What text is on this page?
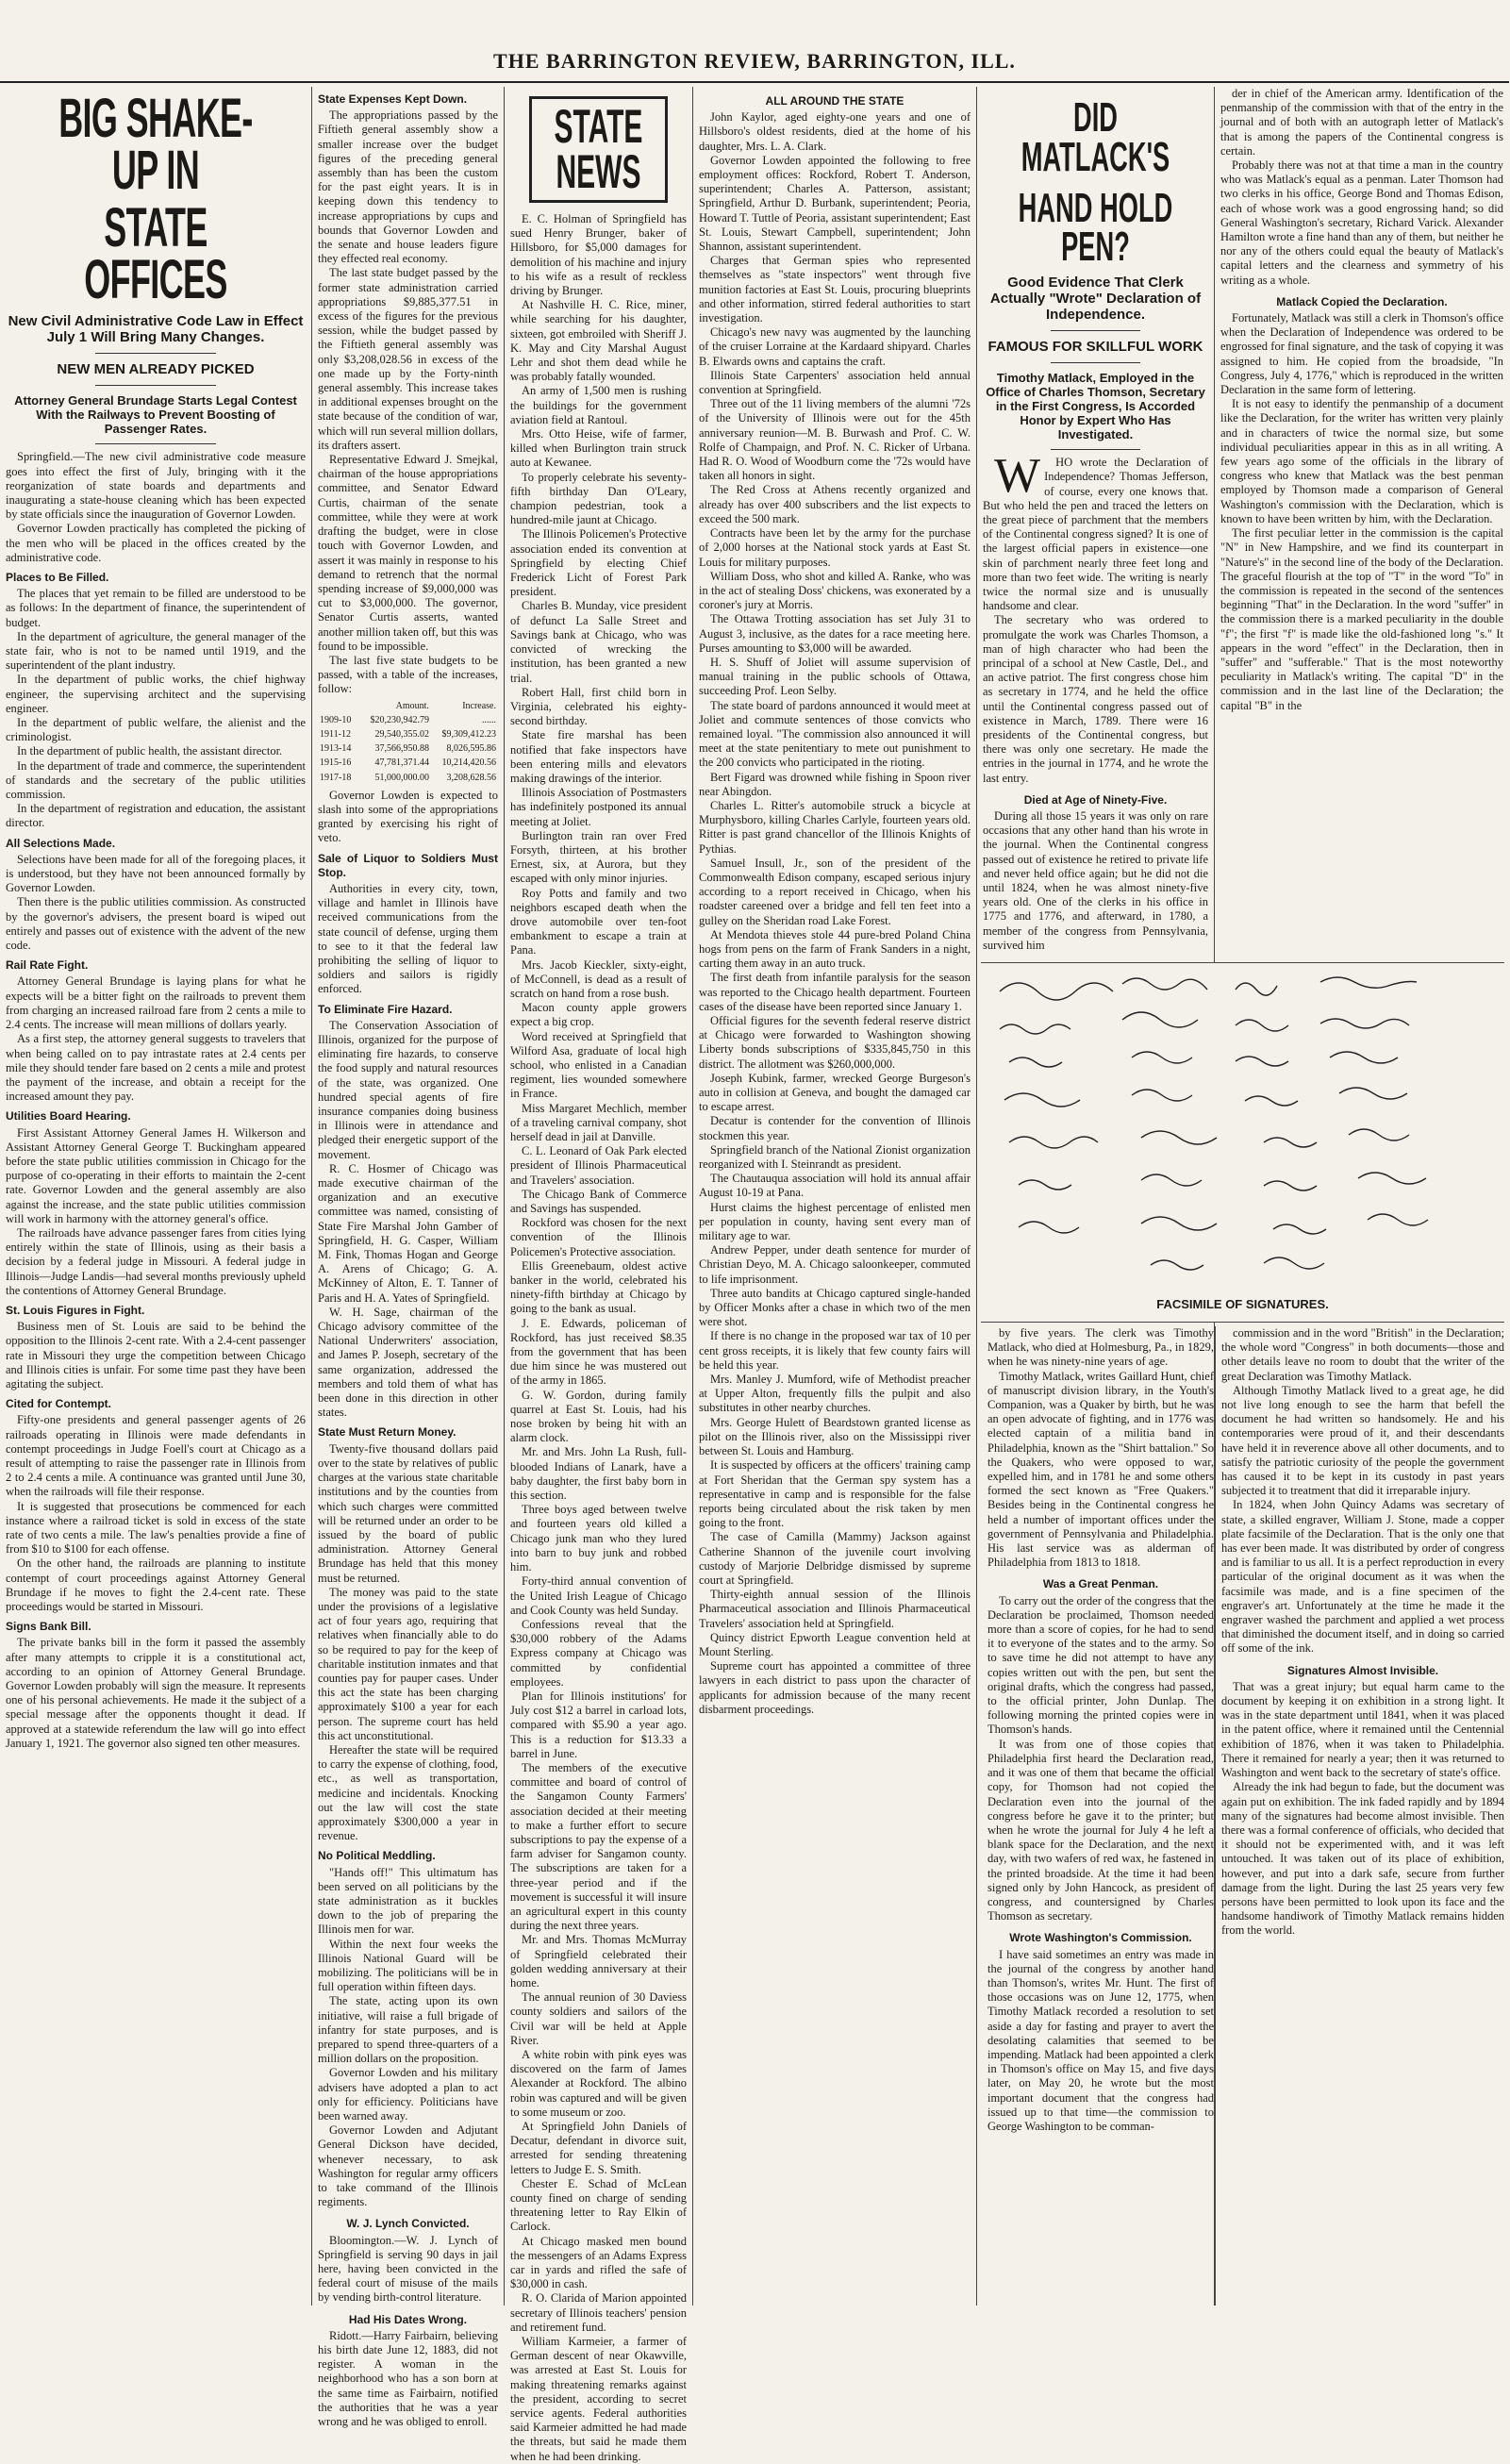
THE BARRINGTON REVIEW, BARRINGTON, ILL.
BIG SHAKE-UP IN
STATE OFFICES
New Civil Administrative Code Law in Effect July 1 Will Bring Many Changes.
NEW MEN ALREADY PICKED
Attorney General Brundage Starts Legal Contest With the Railways to Prevent Boosting of Passenger Rates.

Springfield.—The new civil administrative code measure goes into effect the first of July, bringing with it the reorganization of state boards and departments and inaugurating a state-house cleaning which has been expected by state officials since the inauguration of Governor Lowden.

Governor Lowden practically has completed the picking of the men who will be placed in the offices created by the administrative code.

Places to Be Filled.

The places that yet remain to be filled are understood to be as follows: In the department of finance, the superintendent of budget.

In the department of agriculture, the general manager of the state fair, who is not to be named until 1919, and the superintendent of the plant industry.

In the department of public works, the chief highway engineer, the supervising architect and the supervising engineer.

In the department of public welfare, the alienist and the criminologist.

In the department of public health, the assistant director.

In the department of trade and commerce, the superintendent of standards and the secretary of the public utilities commission.

In the department of registration and education, the assistant director.

All Selections Made.

Selections have been made for all of the foregoing places, it is understood, but they have not been announced formally by Governor Lowden.

Then there is the public utilities commission. As constructed by the governor's advisers, the present board is wiped out entirely and passes out of existence with the advent of the new code.

Rail Rate Fight.

Attorney General Brundage is laying plans for what he expects will be a bitter fight on the railroads to prevent them from charging an increased railroad fare from 2 cents a mile to 2.4 cents. The increase will mean millions of dollars yearly.

As a first step, the attorney general suggests to travelers that when being called on to pay intrastate rates at 2.4 cents per mile they should tender fare based on 2 cents a mile and protest the payment of the increase, and obtain a receipt for the increased amount they pay.

Utilities Board Hearing.

First Assistant Attorney General James H. Wilkerson and Assistant Attorney General George T. Buckingham appeared before the state public utilities commission in Chicago for the purpose of co-operating in their efforts to maintain the 2-cent rate. Governor Lowden and the general assembly are also against the increase, and the state public utilities commission will work in harmony with the attorney general's office.

The railroads have advance passenger fares from cities lying entirely within the state of Illinois, using as their basis a decision by a federal judge in Missouri. A federal judge in Illinois—Judge Landis—had several months previously upheld the contentions of Attorney General Brundage.

St. Louis Figures in Fight.

Business men of St. Louis are said to be behind the opposition to the Illinois 2-cent rate. With a 2.4-cent passenger rate in Missouri they urge the competition between Chicago and Illinois cities is unfair. For some time past they have been agitating the subject.

Cited for Contempt.

Fifty-one presidents and general passenger agents of 26 railroads operating in Illinois were made defendants in contempt proceedings in Judge Foell's court at Chicago as a result of attempting to raise the passenger rate in Illinois from 2 to 2.4 cents a mile. A continuance was granted until June 30, when the railroads will file their response.

It is suggested that prosecutions be commenced for each instance where a railroad ticket is sold in excess of the state rate of two cents a mile. The law's penalties provide a fine of from $10 to $100 for each offense.

On the other hand, the railroads are planning to institute contempt of court proceedings against Attorney General Brundage if he moves to fight the 2.4-cent rate. These proceedings would be started in Missouri.

Signs Bank Bill.

The private banks bill in the form it passed the assembly after many attempts to cripple it is a constitutional act, according to an opinion of Attorney General Brundage. Governor Lowden probably will sign the measure. It represents one of his personal achievements. He made it the subject of a special message after the opponents thought it dead. If approved at a statewide referendum the law will go into effect January 1, 1921. The governor also signed ten other measures.

State Expenses Kept Down.

The appropriations passed by the Fiftieth general assembly show a smaller increase over the budget figures of the preceding general assembly than has been the custom for the past eight years. It is in keeping down this tendency to increase appropriations by cups and bounds that Governor Lowden and the senate and house leaders figure they effected real economy.

The last state budget passed by the former state administration carried appropriations $9,885,377.51 in excess of the figures for the previous session, while the budget passed by the Fiftieth general assembly was only $3,208,028.56 in excess of the one made up by the Forty-ninth general assembly. This increase takes in additional expenses brought on the state because of the condition of war, which will run several million dollars, its drafters assert.

Representative Edward J. Smejkal, chairman of the house appropriations committee, and Senator Edward Curtis, chairman of the senate committee, while they were at work drafting the budget, were in close touch with Governor Lowden, and assert it was mainly in response to his demand to retrench that the normal spending increase of $9,000,000 was cut to $3,000,000. The governor, Senator Curtis asserts, wanted another million taken off, but this was found to be impossible.

The last five state budgets to be passed, with a table of the increases, follow:

	Amount.	Increase.
1909-10	$20,230,942.79	......
1911-12	29,540,355.02	$9,309,412.23
1913-14	37,566,950.88	8,026,595.86
1915-16	47,781,371.44	10,214,420.56
1917-18	51,000,000.00	3,208,628.56

Governor Lowden is expected to slash into some of the appropriations granted by exercising his right of veto.

Sale of Liquor to Soldiers Must Stop.

Authorities in every city, town, village and hamlet in Illinois have received communications from the state council of defense, urging them to see to it that the federal law prohibiting the selling of liquor to soldiers and sailors is rigidly enforced.

To Eliminate Fire Hazard.

The Conservation Association of Illinois, organized for the purpose of eliminating fire hazards, to conserve the food supply and natural resources of the state, was organized. One hundred special agents of fire insurance companies doing business in Illinois were in attendance and pledged their energetic support of the movement.

R. C. Hosmer of Chicago was made executive chairman of the organization and an executive committee was named, consisting of State Fire Marshal John Gamber of Springfield, H. G. Casper, William M. Fink, Thomas Hogan and George A. Arens of Chicago; G. A. McKinney of Alton, E. T. Tanner of Paris and H. A. Yates of Springfield.

W. H. Sage, chairman of the Chicago advisory committee of the National Underwriters' association, and James P. Joseph, secretary of the same organization, addressed the members and told them of what has been done in this direction in other states.

State Must Return Money.

Twenty-five thousand dollars paid over to the state by relatives of public charges at the various state charitable institutions and by the counties from which such charges were committed will be returned under an order to be issued by the board of public administration. Attorney General Brundage has held that this money must be returned.

The money was paid to the state under the provisions of a legislative act of four years ago, requiring that relatives when financially able to do so be required to pay for the keep of charitable institution inmates and that counties pay for pauper cases. Under this act the state has been charging approximately $100 a year for each person. The supreme court has held this act unconstitutional.

Hereafter the state will be required to carry the expense of clothing, food, etc., as well as transportation, medicine and incidentals. Knocking out the law will cost the state approximately $300,000 a year in revenue.

No Political Meddling.

"Hands off!" This ultimatum has been served on all politicians by the state administration as it buckles down to the job of preparing the Illinois men for war.

Within the next four weeks the Illinois National Guard will be mobilizing. The politicians will be in full operation within fifteen days.

The state, acting upon its own initiative, will raise a full brigade of infantry for state purposes, and is prepared to spend three-quarters of a million dollars on the proposition.

Governor Lowden and his military advisers have adopted a plan to act only for efficiency. Politicians have been warned away.

Governor Lowden and Adjutant General Dickson have decided, whenever necessary, to ask Washington for regular army officers to take command of the Illinois regiments.

W. J. Lynch Convicted.

Bloomington.—W. J. Lynch of Springfield is serving 90 days in jail here, having been convicted in the federal court of misuse of the mails by vending birth-control literature.

Had His Dates Wrong.

Ridott.—Harry Fairbairn, believing his birth date June 12, 1883, did not register. A woman in the neighborhood who has a son born at the same time as Fairbairn, notified the authorities that he was a year wrong and he was obliged to enroll.

STATE NEWS

E. C. Holman of Springfield has sued Henry Brunger, baker of Hillsboro, for $5,000 damages for demolition of his machine and injury to his wife as a result of reckless driving by Brunger.

At Nashville H. C. Rice, miner, while searching for his daughter, sixteen, got embroiled with Sheriff J. K. May and City Marshal August Lehr and shot them dead while he was probably fatally wounded.

An army of 1,500 men is rushing the buildings for the government aviation field at Rantoul.

Mrs. Otto Heise, wife of farmer, killed when Burlington train struck auto at Kewanee.

To properly celebrate his seventy-fifth birthday Dan O'Leary, champion pedestrian, took a hundred-mile jaunt at Chicago.

The Illinois Policemen's Protective association ended its convention at Springfield by electing Chief Frederick Licht of Forest Park president.

Charles B. Munday, vice president of defunct La Salle Street and Savings bank at Chicago, who was convicted of wrecking the institution, has been granted a new trial.

Robert Hall, first child born in Virginia, celebrated his eighty-second birthday.

State fire marshal has been notified that fake inspectors have been entering mills and elevators making drawings of the interior.

Illinois Association of Postmasters has indefinitely postponed its annual meeting at Joliet.

Burlington train ran over Fred Forsyth, thirteen, at his brother Ernest, six, at Aurora, but they escaped with only minor injuries.

Roy Potts and family and two neighbors escaped death when the drove automobile over ten-foot embankment to escape a train at Pana.

Mrs. Jacob Kieckler, sixty-eight, of McConnell, is dead as a result of scratch on hand from a rose bush.

Macon county apple growers expect a big crop.

Word received at Springfield that Wilford Asa, graduate of local high school, who enlisted in a Canadian regiment, lies wounded somewhere in France.

Miss Margaret Mechlich, member of a traveling carnival company, shot herself dead in jail at Danville.

C. L. Leonard of Oak Park elected president of Illinois Pharmaceutical and Travelers' association.

The Chicago Bank of Commerce and Savings has suspended.

Rockford was chosen for the next convention of the Illinois Policemen's Protective association.

Ellis Greenebaum, oldest active banker in the world, celebrated his ninety-fifth birthday at Chicago by going to the bank as usual.

J. E. Edwards, policeman of Rockford, has just received $8.35 from the government that has been due him since he was mustered out of the army in 1865.

G. W. Gordon, during family quarrel at East St. Louis, had his nose broken by being hit with an alarm clock.

Mr. and Mrs. John La Rush, full-blooded Indians of Lanark, have a baby daughter, the first baby born in this section.

Three boys aged between twelve and fourteen years old killed a Chicago junk man who they lured into barn to buy junk and robbed him.

Forty-third annual convention of the United Irish League of Chicago and Cook County was held Sunday.

Confessions reveal that the $30,000 robbery of the Adams Express company at Chicago was committed by confidential employees.

Plan for Illinois institutions' for July cost $12 a barrel in carload lots, compared with $5.90 a year ago. This is a reduction for $13.33 a barrel in June.

The members of the executive committee and board of control of the Sangamon County Farmers' association decided at their meeting to make a further effort to secure subscriptions to pay the expense of a farm adviser for Sangamon county. The subscriptions are taken for a three-year period and if the movement is successful it will insure an agricultural expert in this county during the next three years.

Mr. and Mrs. Thomas McMurray of Springfield celebrated their golden wedding anniversary at their home.

The annual reunion of 30 Daviess county soldiers and sailors of the Civil war will be held at Apple River.

A white robin with pink eyes was discovered on the farm of James Alexander at Rockford. The albino robin was captured and will be given to some museum or zoo.

At Springfield John Daniels of Decatur, defendant in divorce suit, arrested for sending threatening letters to Judge E. S. Smith.

Chester E. Schad of McLean county fined on charge of sending threatening letter to Ray Elkin of Carlock.

At Chicago masked men bound the messengers of an Adams Express car in yards and rifled the safe of $30,000 in cash.

R. O. Clarida of Marion appointed secretary of Illinois teachers' pension and retirement fund.

William Karmeier, a farmer of German descent of near Okawville, was arrested at East St. Louis for making threatening remarks against the president, according to secret service agents. Federal authorities said Karmeier admitted he had made the threats, but said he made them when he had been drinking.

ALL AROUND THE STATE

John Kaylor, aged eighty-one years and one of Hillsboro's oldest residents, died at the home of his daughter, Mrs. L. A. Clark.

Governor Lowden appointed the following to free employment offices: Rockford, Robert T. Anderson, superintendent; Charles A. Patterson, assistant; Springfield, Arthur D. Burbank, superintendent; Peoria, Howard T. Tuttle of Peoria, assistant superintendent; East St. Louis, Stewart Campbell, superintendent; John Shannon, assistant superintendent.

Charges that German spies who represented themselves as "state inspectors" went through five munition factories at East St. Louis, procuring blueprints and other information, stirred federal authorities to start investigation.

Chicago's new navy was augmented by the launching of the cruiser Lorraine at the Kardaard shipyard. Charles B. Elwards owns and captains the craft.

Illinois State Carpenters' association held annual convention at Springfield.

Three out of the 11 living members of the alumni '72s of the University of Illinois were out for the 45th anniversary reunion—M. B. Burwash and Prof. C. W. Rolfe of Champaign, and Prof. N. C. Ricker of Urbana. Had R. O. Wood of Woodburn come the '72s would have taken all honors in sight.

The Red Cross at Athens recently organized and already has over 400 subscribers and the list expects to exceed the 500 mark.

Contracts have been let by the army for the purchase of 2,000 horses at the National stock yards at East St. Louis for military purposes.

William Doss, who shot and killed A. Ranke, who was in the act of stealing Doss' chickens, was exonerated by a coroner's jury at Morris.

The Ottawa Trotting association has set July 31 to August 3, inclusive, as the dates for a race meeting here. Purses amounting to $3,000 will be awarded.

H. S. Shuff of Joliet will assume supervision of manual training in the public schools of Ottawa, succeeding Prof. Leon Selby.

The state board of pardons announced it would meet at Joliet and commute sentences of those convicts who remained loyal. "The commission also announced it will meet at the state penitentiary to mete out punishment to the 200 convicts who participated in the rioting.

Bert Figard was drowned while fishing in Spoon river near Abingdon.

Charles L. Ritter's automobile struck a bicycle at Murphysboro, killing Charles Carlyle, fourteen years old. Ritter is past grand chancellor of the Illinois Knights of Pythias.

Samuel Insull, Jr., son of the president of the Commonwealth Edison company, escaped serious injury according to a report received in Chicago, when his roadster careened over a bridge and fell ten feet into a gulley on the Sheridan road Lake Forest.

At Mendota thieves stole 44 pure-bred Poland China hogs from pens on the farm of Frank Sanders in a night, carting them away in an auto truck.

The first death from infantile paralysis for the season was reported to the Chicago health department. Fourteen cases of the disease have been reported since January 1.

Official figures for the seventh federal reserve district at Chicago were forwarded to Washington showing Liberty bonds subscriptions of $335,845,750 in this district. The allotment was $260,000,000.

Joseph Kubink, farmer, wrecked George Burgeson's auto in collision at Geneva, and bought the damaged car to escape arrest.

Decatur is contender for the convention of Illinois stockmen this year.

Springfield branch of the National Zionist organization reorganized with I. Steinrandt as president.

The Chautauqua association will hold its annual affair August 10-19 at Pana.

Hurst claims the highest percentage of enlisted men per population in county, having sent every man of military age to war.

Andrew Pepper, under death sentence for murder of Christian Deyo, M. A. Chicago saloonkeeper, commuted to life imprisonment.

Three auto bandits at Chicago captured single-handed by Officer Monks after a chase in which two of the men were shot.

If there is no change in the proposed war tax of 10 per cent gross receipts, it is likely that few county fairs will be held this year.

Mrs. Manley J. Mumford, wife of Methodist preacher at Upper Alton, frequently fills the pulpit and also substitutes in other nearby churches.

Mrs. George Hulett of Beardstown granted license as pilot on the Illinois river, also on the Mississippi river between St. Louis and Hamburg.

It is suspected by officers at the officers' training camp at Fort Sheridan that the German spy system has a representative in camp and is responsible for the false reports being circulated about the risk taken by men going to the front.

The case of Camilla (Mammy) Jackson against Catherine Shannon of the juvenile court involving custody of Marjorie Delbridge dismissed by supreme court at Springfield.

Thirty-eighth annual session of the Illinois Pharmaceutical association and Illinois Pharmaceutical Travelers' association held at Springfield.

Quincy district Epworth League convention held at Mount Sterling.

Supreme court has appointed a committee of three lawyers in each district to pass upon the character of applicants for admission because of the many recent disbarment proceedings.

DID MATLACK'S
HAND HOLD PEN?
Good Evidence That Clerk Actually "Wrote" Declaration of Independence.
FAMOUS FOR SKILLFUL WORK
Timothy Matlack, Employed in the Office of Charles Thomson, Secretary in the First Congress, Is Accorded Honor by Expert Who Has Investigated.

WHO wrote the Declaration of Independence? Thomas Jefferson, of course, every one knows that. But who held the pen and traced the letters on the great piece of parchment that the members of the Continental congress signed? It is one of the largest official papers in existence—one skin of parchment nearly three feet long and more than two feet wide. The writing is nearly twice the normal size and is unusually handsome and clear.

The secretary who was ordered to promulgate the work was Charles Thomson, a man of high character who had been the principal of a school at New Castle, Del., and an active patriot. The first congress chose him as secretary in 1774, and he held the office until the Continental congress passed out of existence in March, 1789. There were 16 presidents of the Continental congress, but there was only one secretary. He made the entries in the journal in 1774, and he wrote the last entry.

Died at Age of Ninety-Five.

During all those 15 years it was only on rare occasions that any other hand than his wrote in the journal. When the Continental congress passed out of existence he retired to private life and never held office again; but he did not die until 1824, when he was almost ninety-five years old. One of the clerks in his office in 1775 and 1776, and afterward, in 1780, a member of the congress from Pennsylvania, survived him

der in chief of the American army. Identification of the penmanship of the commission with that of the entry in the journal and of both with an autograph letter of Matlack's that is among the papers of the Continental congress is certain.

Probably there was not at that time a man in the country who was Matlack's equal as a penman. Later Thomson had two clerks in his office, George Bond and Thomas Edison, each of whose work was a good engrossing hand; so did General Washington's secretary, Richard Varick. Alexander Hamilton wrote a fine hand than any of them, but neither he nor any of the others could equal the beauty of Matlack's capital letters and the clearness and symmetry of his writing as a whole.

Matlack Copied the Declaration.

Fortunately, Matlack was still a clerk in Thomson's office when the Declaration of Independence was ordered to be engrossed for final signature, and the task of copying it was assigned to him. He copied from the broadside, "In Congress, July 4, 1776," which is reproduced in the written Declaration in the same form of lettering.

It is not easy to identify the penmanship of a document like the Declaration, for the writer has written very plainly and in characters of twice the normal size, but some individual peculiarities appear in this as in all writing. A few years ago some of the officials in the library of congress who knew that Matlack was the best penman employed by Thomson made a comparison of General Washington's commission with the Declaration, which is known to have been written by him, with the Declaration.

The first peculiar letter in the commission is the capital "N" in New Hampshire, and we find its counterpart in "Nature's" in the second line of the body of the Declaration. The graceful flourish at the top of "T" in the word "To" in the commission is repeated in the second of the sentences beginning "That" in the Declaration. In the word "suffer" in the commission there is a marked peculiarity in the double "f"; the first "f" is made like the old-fashioned long "s." It appears in the word "effect" in the Declaration, then in "suffer" and "sufferable." That is the most noteworthy peculiarity in Matlack's writing. The capital "D" in the commission and in the last line of the Declaration; the capital "B" in the

FACSIMILE OF SIGNATURES.

by five years. The clerk was Timothy Matlack, who died at Holmesburg, Pa., in 1829, when he was ninety-nine years of age.

Timothy Matlack, writes Gaillard Hunt, chief of manuscript division library, in the Youth's Companion, was a Quaker by birth, but he was an open advocate of fighting, and in 1776 was elected captain of a militia band in Philadelphia, known as the "Shirt battalion." So the Quakers, who were opposed to war, expelled him, and in 1781 he and some others formed the sect known as "Free Quakers." Besides being in the Continental congress he held a number of important offices under the government of Pennsylvania and Philadelphia. His last service was as alderman of Philadelphia from 1813 to 1818.

Was a Great Penman.

To carry out the order of the congress that the Declaration be proclaimed, Thomson needed more than a score of copies, for he had to send it to everyone of the states and to the army. So to save time he did not attempt to have any copies written out with the pen, but sent the original drafts, which the congress had passed, to the official printer, John Dunlap. The following morning the printed copies were in Thomson's hands.

It was from one of those copies that Philadelphia first heard the Declaration read, and it was one of them that became the official copy, for Thomson had not copied the Declaration even into the journal of the congress before he gave it to the printer; but when he wrote the journal for July 4 he left a blank space for the Declaration, and the next day, with two wafers of red wax, he fastened in the printed broadside. At the time it had been signed only by John Hancock, as president of congress, and countersigned by Charles Thomson as secretary.

Wrote Washington's Commission.

I have said sometimes an entry was made in the journal of the congress by another hand than Thomson's, writes Mr. Hunt. The first of those occasions was on June 12, 1775, when Timothy Matlack recorded a resolution to set aside a day for fasting and prayer to avert the desolating calamities that seemed to be impending. Matlack had been appointed a clerk in Thomson's office on May 15, and five days later, on May 20, he wrote but the most important document that the congress had issued up to that time—the commission to George Washington to be comman-

commission and in the word "British" in the Declaration; the whole word "Congress" in both documents—those and other details leave no room to doubt that the writer of the great Declaration was Timothy Matlack.

Although Timothy Matlack lived to a great age, he did not live long enough to see the harm that befell the document he had written so handsomely. He and his contemporaries were proud of it, and their descendants have held it in reverence above all other documents, and to satisfy the patriotic curiosity of the people the government has caused it to be kept in its custody in past years subjected it to treatment that did it irreparable injury.

In 1824, when John Quincy Adams was secretary of state, a skilled engraver, William J. Stone, made a copper plate facsimile of the Declaration. That is the only one that has ever been made. It was distributed by order of congress and is familiar to us all. It is a perfect reproduction in every particular of the original document as it was when the facsimile was made, and is a fine specimen of the engraver's art. Unfortunately at the time he made it the engraver washed the parchment and applied a wet process that diminished the document itself, and in doing so carried off some of the ink.

Signatures Almost Invisible.

That was a great injury; but equal harm came to the document by keeping it on exhibition in a strong light. It was in the state department until 1841, when it was placed in the patent office, where it remained until the Centennial exhibition of 1876, when it was taken to Philadelphia. There it remained for nearly a year; then it was returned to Washington and went back to the secretary of state's office.

Already the ink had begun to fade, but the document was again put on exhibition. The ink faded rapidly and by 1894 many of the signatures had become almost invisible. Then there was a formal conference of officials, who decided that it should not be experimented with, and it was left untouched. It was taken out of its place of exhibition, however, and put into a dark safe, secure from further damage from the light. During the last 25 years very few persons have been permitted to look upon its face and the handsome handiwork of Timothy Matlack remains hidden from the world.
